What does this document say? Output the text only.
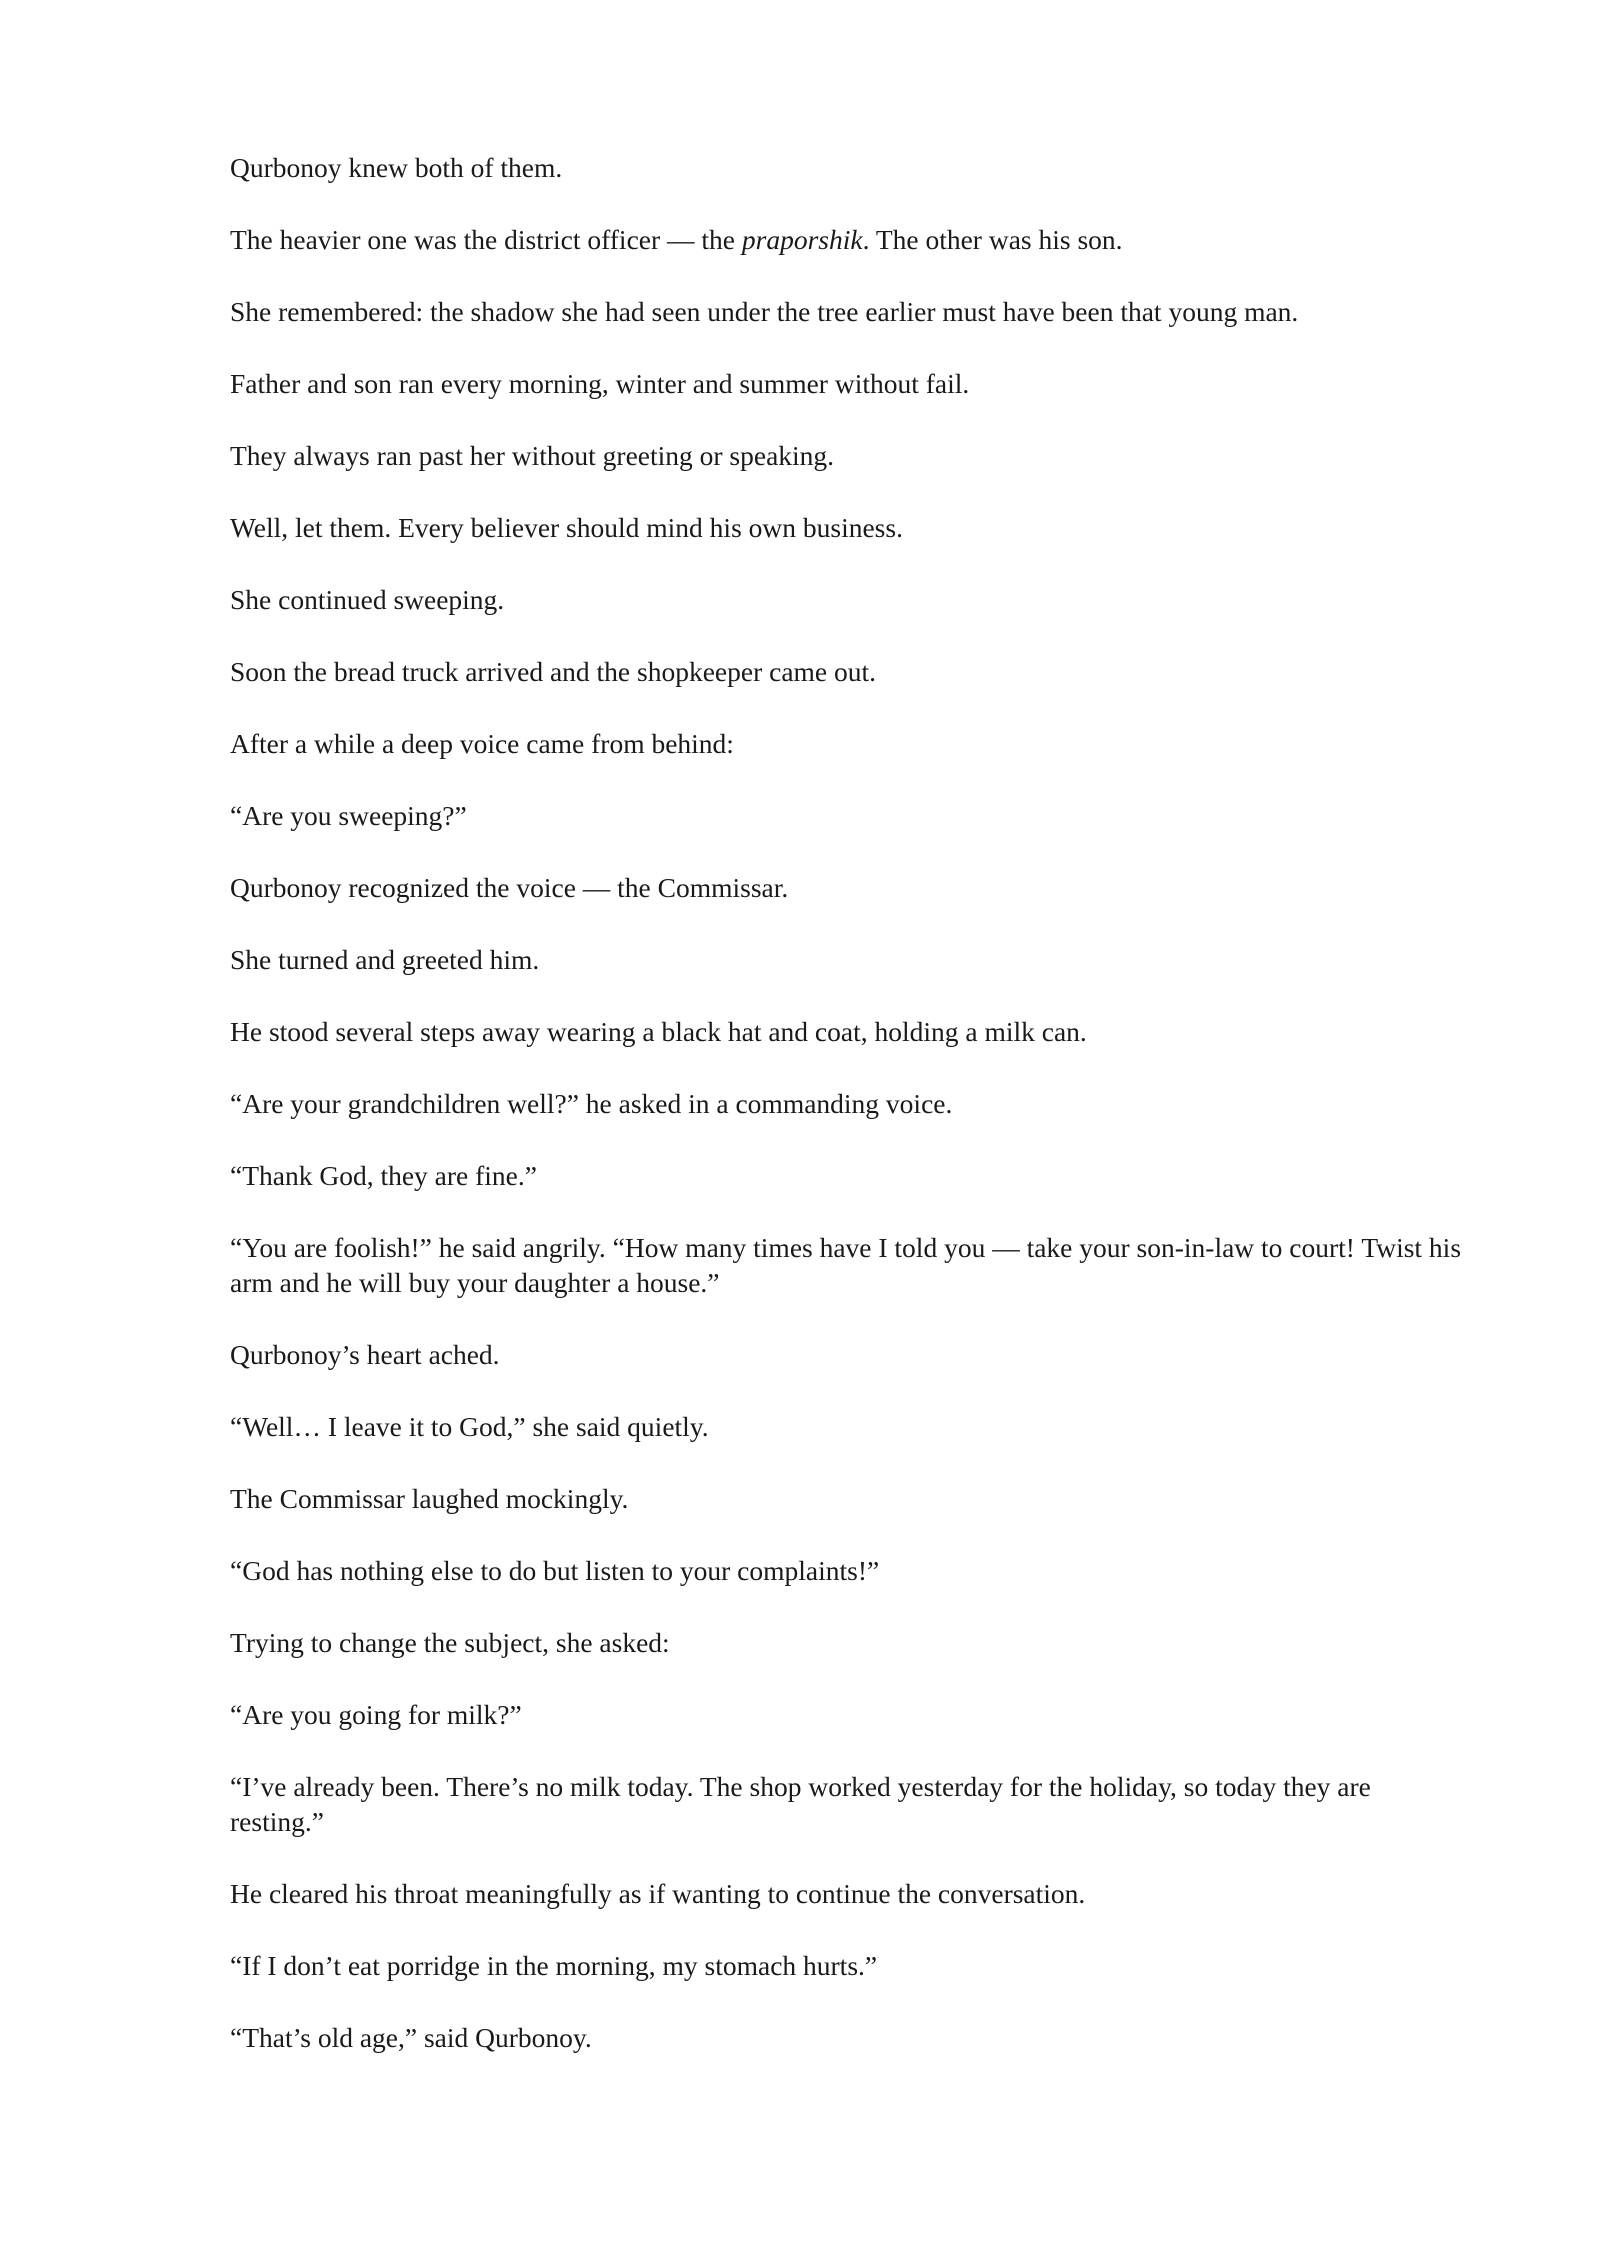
Qurbonoy knew both of them.

The heavier one was the district officer — the praporshik. The other was his son.

She remembered: the shadow she had seen under the tree earlier must have been that young man.

Father and son ran every morning, winter and summer without fail.

They always ran past her without greeting or speaking.

Well, let them. Every believer should mind his own business.

She continued sweeping.

Soon the bread truck arrived and the shopkeeper came out.

After a while a deep voice came from behind:

“Are you sweeping?”

Qurbonoy recognized the voice — the Commissar.

She turned and greeted him.

He stood several steps away wearing a black hat and coat, holding a milk can.

“Are your grandchildren well?” he asked in a commanding voice.

“Thank God, they are fine.”

“You are foolish!” he said angrily. “How many times have I told you — take your son-in-law to court! Twist his arm and he will buy your daughter a house.”

Qurbonoy’s heart ached.

“Well… I leave it to God,” she said quietly.

The Commissar laughed mockingly.

“God has nothing else to do but listen to your complaints!”

Trying to change the subject, she asked:

“Are you going for milk?”

“I’ve already been. There’s no milk today. The shop worked yesterday for the holiday, so today they are resting.”

He cleared his throat meaningfully as if wanting to continue the conversation.

“If I don’t eat porridge in the morning, my stomach hurts.”

“That’s old age,” said Qurbonoy.
